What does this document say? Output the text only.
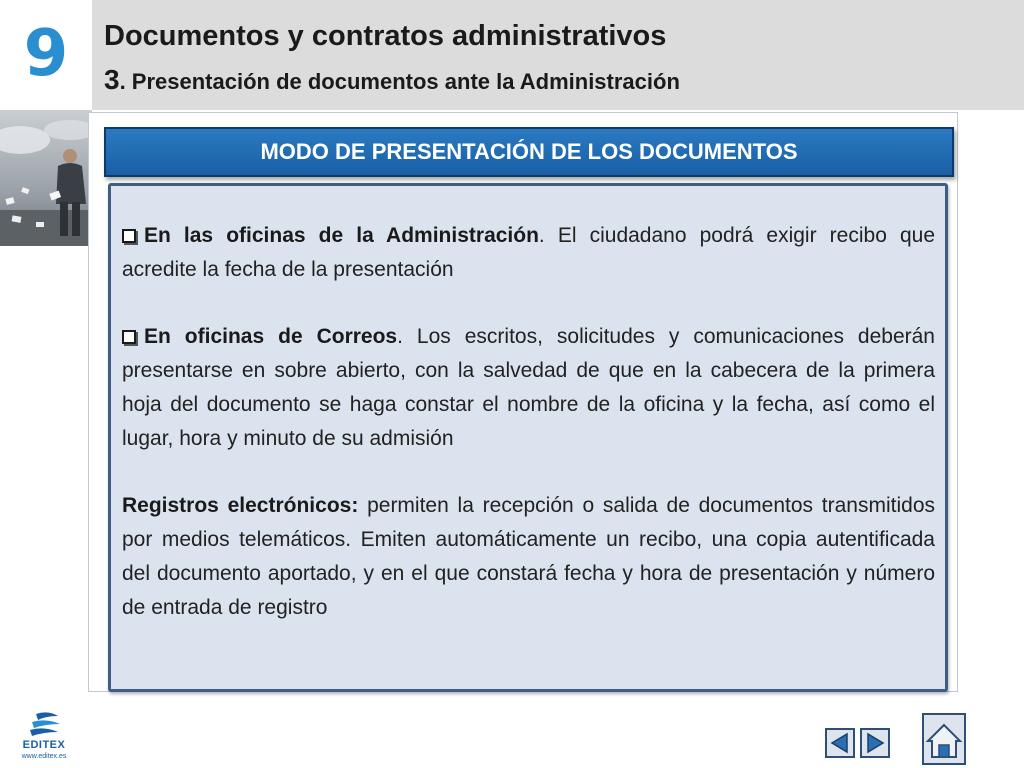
9	Documentos y contratos administrativos
3. Presentación de documentos ante la Administración
MODO DE PRESENTACIÓN DE LOS DOCUMENTOS

En las oficinas de la Administración. El ciudadano podrá exigir recibo que acredite la fecha de la presentación

En oficinas de Correos. Los escritos, solicitudes y comunicaciones deberán presentarse en sobre abierto, con la salvedad de que en la cabecera de la primera hoja del documento se haga constar el nombre de la oficina y la fecha, así como el lugar, hora y minuto de su admisión

Registros electrónicos: permiten la recepción o salida de documentos transmitidos por medios telemáticos. Emiten automáticamente un recibo, una copia autentificada del documento aportado, y en el que constará fecha y hora de presentación y número de entrada de registro

EDITEX
www.editex.es
